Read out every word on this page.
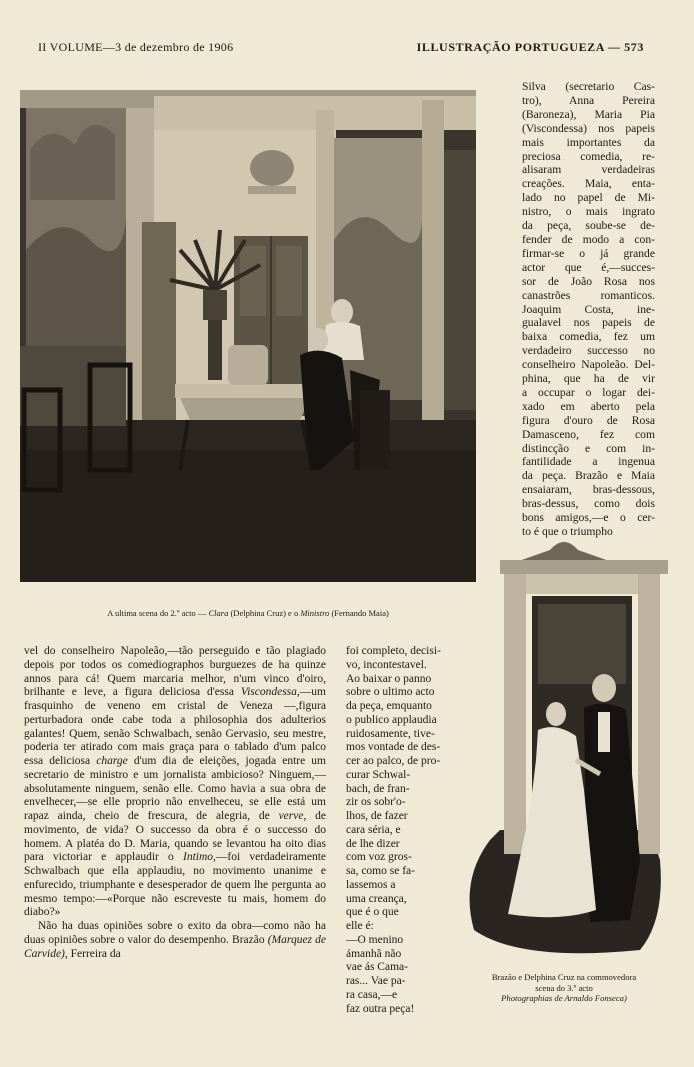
II VOLUME—3 de dezembro de 1906	ILLUSTRAÇÃO PORTUGUEZA — 573
A ultima scena do 2.º acto — Clara (Delphina Cruz) e o Ministro (Fernando Maia)
Silva (secretario Cas-
tro), Anna Pereira
(Baroneza), Maria Pia
(Viscondessa) nos papeis
mais importantes da
preciosa comedia, re-
alisaram verdadeiras
creações. Maia, enta-
lado no papel de Mi-
nistro, o mais ingrato
da peça, soube-se de-
fender de modo a con-
firmar-se o já grande
actor que é,—succes-
sor de João Rosa nos
canastrões romanticos.
Joaquim Costa, ine-
gualavel nos papeis de
baixa comedia, fez um
verdadeiro successo no
conselheiro Napoleão. Del-
phina, que ha de vir
a occupar o logar dei-
xado em aberto pela
figura d'ouro de Rosa
Damasceno, fez com
distincção e com in-
fantilidade a ingenua
da peça. Brazão e Maia
ensaiaram, bras-dessous,
bras-dessus, como dois
bons amigos,—e o cer-
to é que o triumpho
Brazão e Delphina Cruz na commovedora
scena do 3.º acto
Photographias de Arnaldo Fonseca)

vel do conselheiro Napoleão,—tão perseguido e tão plagiado depois por todos os comediographos burguezes de ha quinze annos para cá! Quem marcaria melhor, n'um vinco d'oiro, brilhante e leve, a figura deliciosa d'essa Viscondessa,—um frasquinho de veneno em cristal de Veneza —,figura perturbadora onde cabe toda a philosophia dos adulterios galantes! Quem, senão Schwalbach, senão Gervasio, seu mestre, poderia ter atirado com mais graça para o tablado d'um palco essa deliciosa charge d'um dia de eleições, jogada entre um secretario de ministro e um jornalista ambicioso? Ninguem,—absolutamente ninguem, senão elle. Como havia a sua obra de envelhecer,—se elle proprio não envelheceu, se elle está um rapaz ainda, cheio de frescura, de alegria, de verve, de movimento, de vida? O successo da obra é o successo do homem. A platéa do D. Maria, quando se levantou ha oito dias para victoriar e applaudir o Intimo,—foi verdadeiramente Schwalbach que ella applaudiu, no movimento unanime e enfurecido, triumphante e desesperador de quem lhe pergunta ao mesmo tempo:—«Porque não escreveste tu mais, homem do diabo?»

Não ha duas opiniões sobre o exito da obra—como não ha duas opiniões sobre o valor do desempenho. Brazão (Marquez de Carvide), Ferreira da

foi completo, decisi-
vo, incontestavel.
Ao baixar o panno
sobre o ultimo acto
da peça, emquanto
o publico applaudia
ruidosamente, tive-
mos vontade de des-
cer ao palco, de pro-
curar Schwal-
bach, de fran-
zir os sobr'o-
lhos, de fazer
cara séria, e
de lhe dizer
com voz gros-
sa, como se fa-
lassemos a
uma creança,
que é o que
elle é:
—O menino
ámanhã não
vae ás Cama-
ras... Vae pa-
ra casa,—e
faz outra peça!
